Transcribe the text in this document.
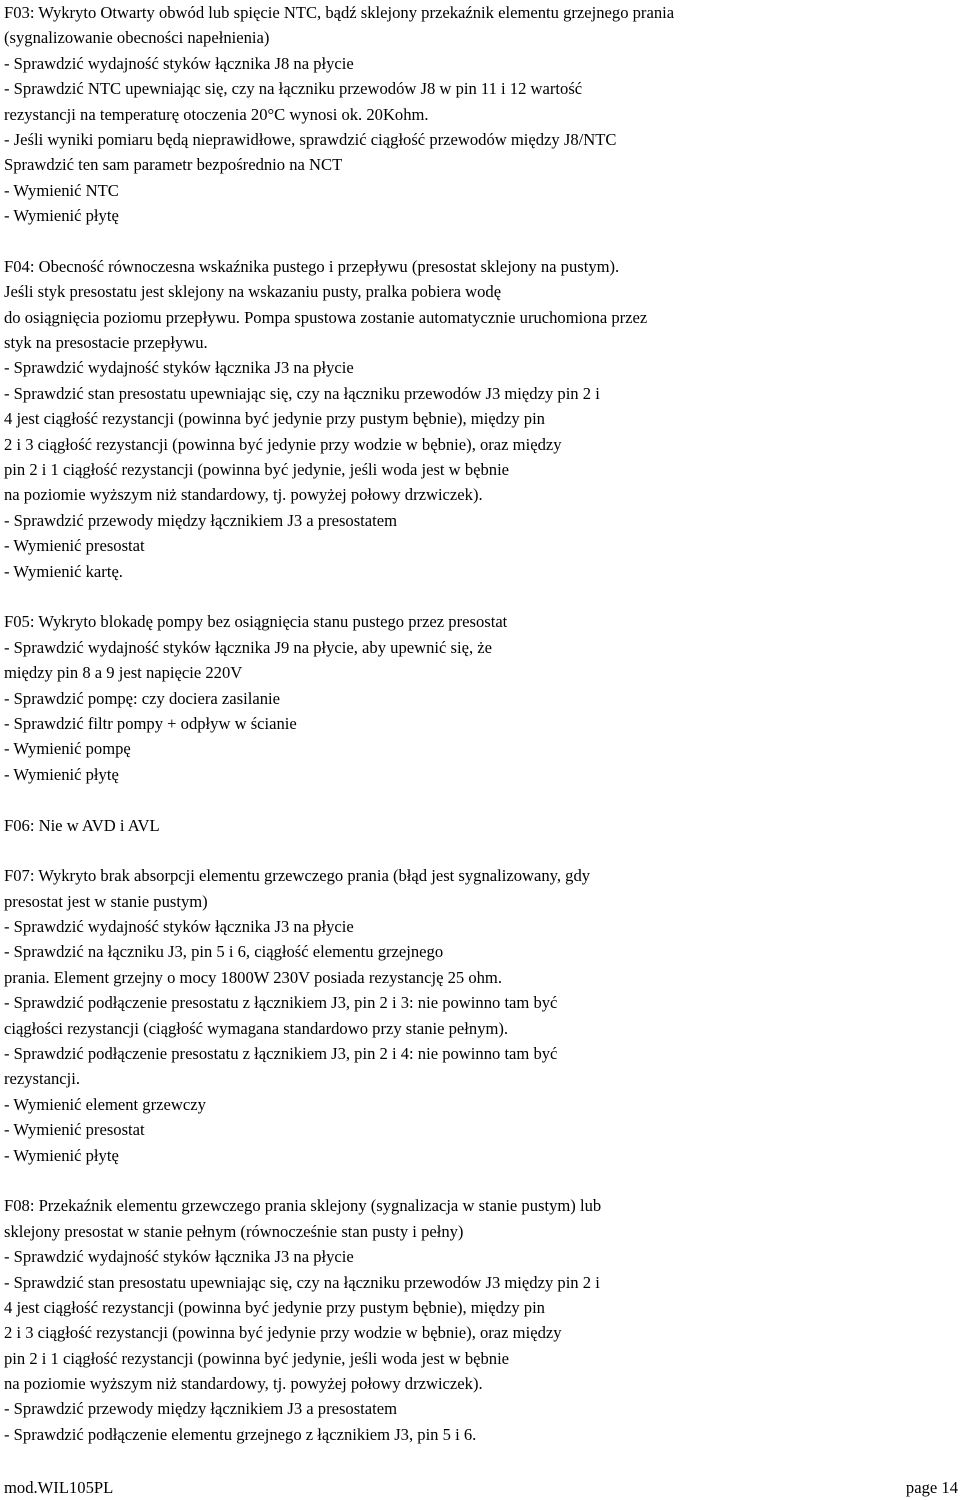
F03: Wykryto Otwarty obwód lub spięcie NTC, bądź sklejony przekaźnik elementu grzejnego prania
(sygnalizowanie obecności napełnienia)
- Sprawdzić wydajność styków łącznika J8 na płycie
- Sprawdzić NTC upewniając się, czy na łączniku przewodów J8 w pin 11 i 12 wartość
rezystancji na temperaturę otoczenia 20°C wynosi ok. 20Kohm.
- Jeśli wyniki pomiaru będą nieprawidłowe, sprawdzić ciągłość przewodów między J8/NTC
Sprawdzić ten sam parametr bezpośrednio na NCT
- Wymienić NTC
- Wymienić płytę
F04: Obecność równoczesna wskaźnika pustego i przepływu (presostat sklejony na pustym).
Jeśli styk presostatu jest sklejony na wskazaniu pusty, pralka pobiera wodę
do osiągnięcia poziomu przepływu. Pompa spustowa zostanie automatycznie uruchomiona przez
styk na presostacie przepływu.
- Sprawdzić wydajność styków łącznika J3 na płycie
- Sprawdzić stan presostatu upewniając się, czy na łączniku przewodów J3 między pin 2 i
4 jest ciągłość rezystancji (powinna być jedynie przy pustym bębnie), między pin
2 i 3 ciągłość rezystancji (powinna być jedynie przy wodzie w bębnie), oraz między
pin 2 i 1 ciągłość rezystancji (powinna być jedynie, jeśli woda jest w bębnie
na poziomie wyższym niż standardowy, tj. powyżej połowy drzwiczek).
- Sprawdzić przewody między łącznikiem J3 a presostatem
- Wymienić presostat
- Wymienić kartę.
F05: Wykryto blokadę pompy bez osiągnięcia stanu pustego przez presostat
- Sprawdzić wydajność styków łącznika J9 na płycie, aby upewnić się, że
między pin 8 a 9 jest napięcie 220V
- Sprawdzić pompę: czy dociera zasilanie
- Sprawdzić filtr pompy + odpływ w ścianie
- Wymienić pompę
- Wymienić płytę
F06: Nie w AVD i AVL
F07: Wykryto brak absorpcji elementu grzewczego prania (błąd jest sygnalizowany, gdy
presostat jest w stanie pustym)
- Sprawdzić wydajność styków łącznika J3 na płycie
- Sprawdzić na łączniku J3, pin 5 i 6, ciągłość elementu grzejnego
prania. Element grzejny o mocy 1800W 230V posiada rezystancję 25 ohm.
- Sprawdzić podłączenie presostatu z łącznikiem J3, pin 2 i 3: nie powinno tam być
ciągłości rezystancji (ciągłość wymagana standardowo przy stanie pełnym).
- Sprawdzić podłączenie presostatu z łącznikiem J3, pin 2 i 4: nie powinno tam być
rezystancji.
- Wymienić element grzewczy
- Wymienić presostat
- Wymienić płytę
F08: Przekaźnik elementu grzewczego prania sklejony (sygnalizacja w stanie pustym) lub
sklejony presostat w stanie pełnym (równocześnie stan pusty i pełny)
- Sprawdzić wydajność styków łącznika J3 na płycie
- Sprawdzić stan presostatu upewniając się, czy na łączniku przewodów J3 między pin 2 i
4 jest ciągłość rezystancji (powinna być jedynie przy pustym bębnie), między pin
2 i 3 ciągłość rezystancji (powinna być jedynie przy wodzie w bębnie), oraz między
pin 2 i 1 ciągłość rezystancji (powinna być jedynie, jeśli woda jest w bębnie
na poziomie wyższym niż standardowy, tj. powyżej połowy drzwiczek).
- Sprawdzić przewody między łącznikiem J3 a presostatem
- Sprawdzić podłączenie elementu grzejnego z łącznikiem J3, pin 5 i 6.
mod.WIL105PL	page 14
